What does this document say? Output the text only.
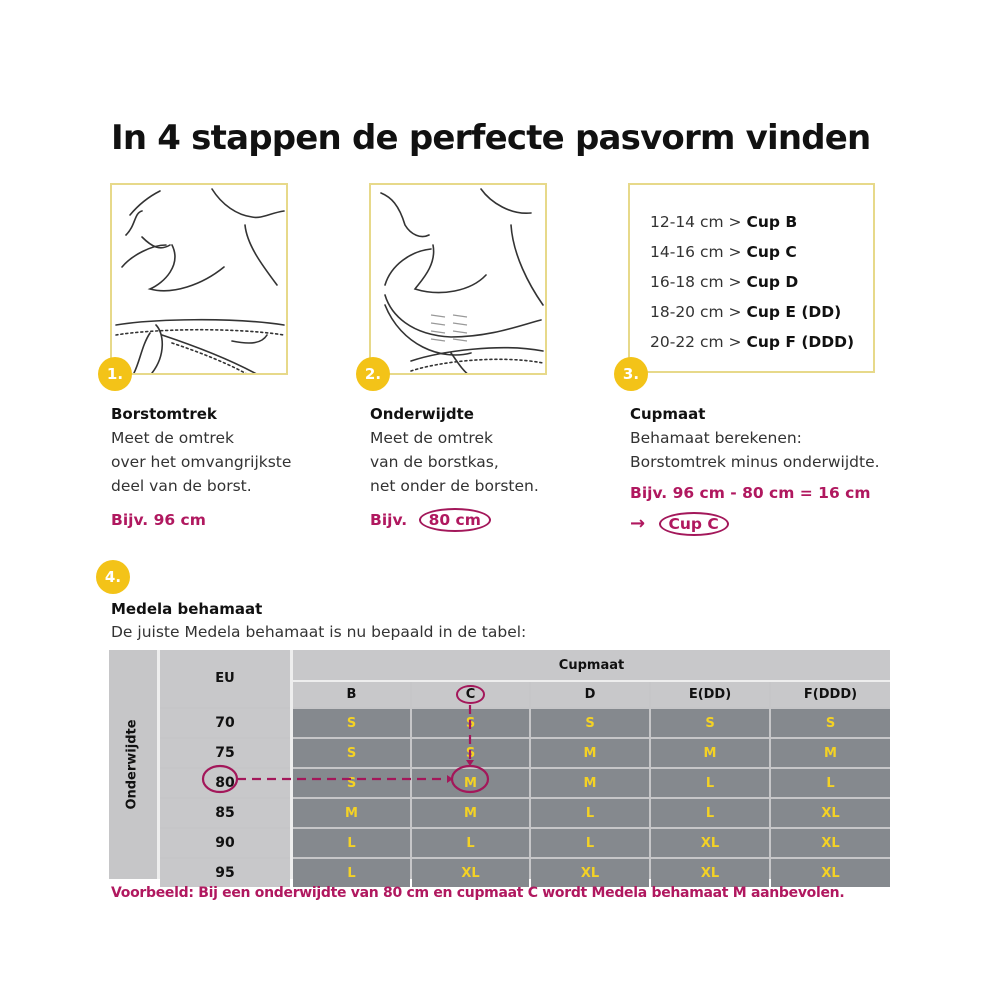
In 4 stappen de perfecte pasvorm vinden
1.
Borstomtrek
Meet de omtrek
over het omvangrijkste
deel van de borst.
Bijv. 96 cm
2.
Onderwijdte
Meet de omtrek
van de borstkas,
net onder de borsten.
Bijv. 80 cm
12-14 cm > Cup B
14-16 cm > Cup C
16-18 cm > Cup D
18-20 cm > Cup E (DD)
20-22 cm > Cup F (DDD)
3.
Cupmaat
Behamaat berekenen:
Borstomtrek minus onderwijdte.
Bijv. 96 cm - 80 cm = 16 cm
→ Cup C
4.
Medela behamaat
De juiste Medela behamaat is nu bepaald in de tabel:
Onderwijdte
EU
Cupmaat
B	C	D	E(DD)	F(DDD)
70	S	S	S	S	S
75	S	S	M	M	M
80	S	M	M	L	L
85	M	M	L	L	XL
90	L	L	L	XL	XL
95	L	XL	XL	XL	XL
Voorbeeld: Bij een onderwijdte van 80 cm en cupmaat C wordt Medela behamaat M aanbevolen.
